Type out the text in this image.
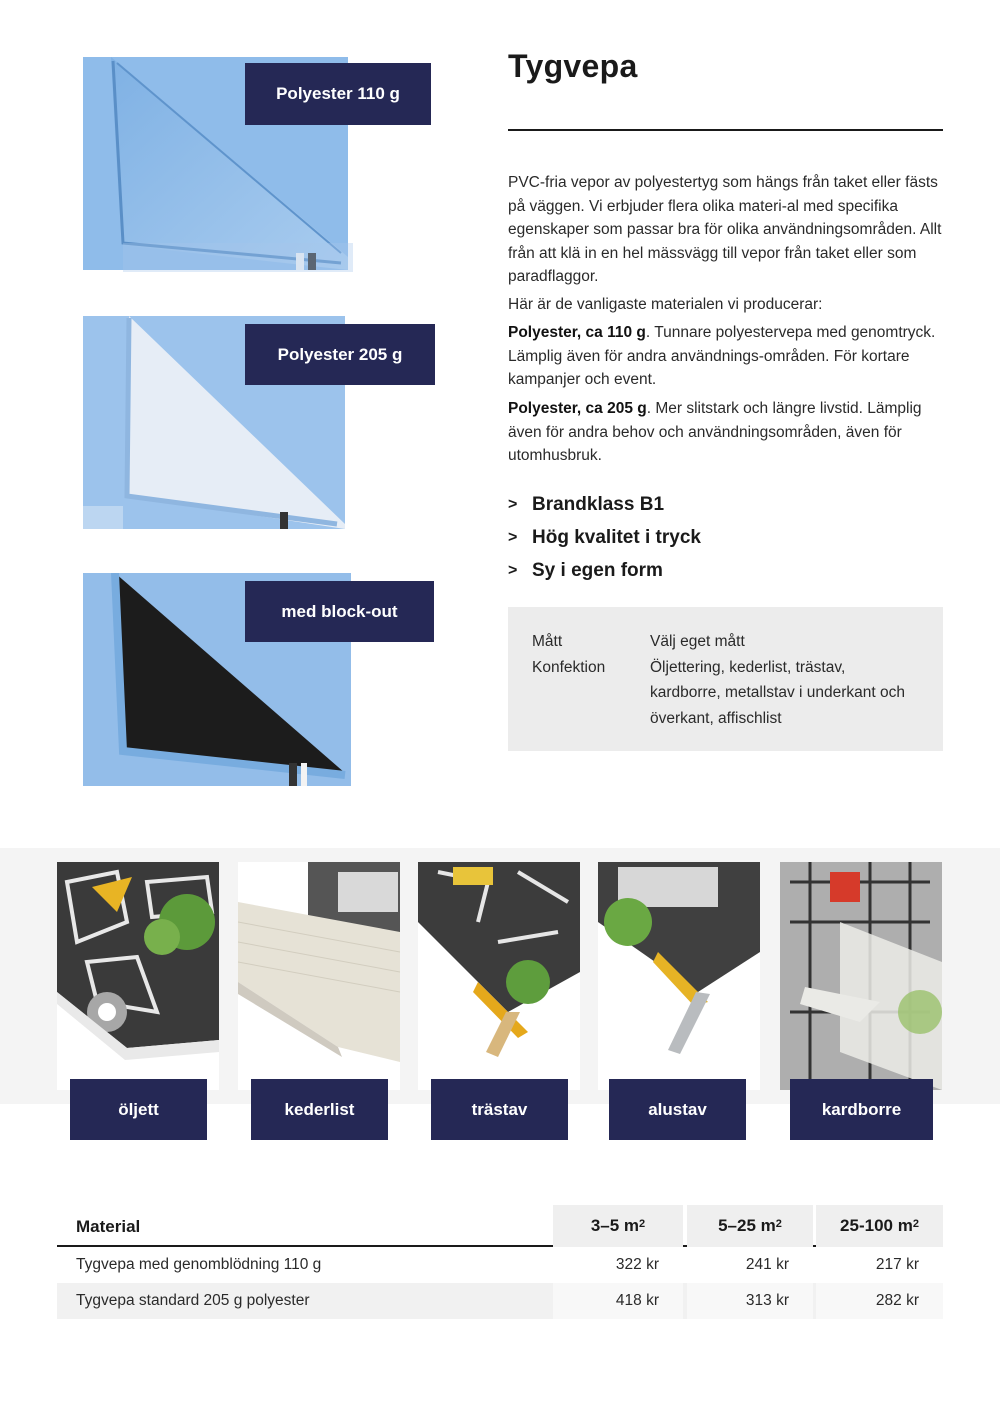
Polyester 110 g
Polyester 205 g
med block-out
Tygvepa

PVC-fria vepor av polyestertyg som hängs från taket eller fästs på väggen. Vi erbjuder flera olika materi-al med specifika egenskaper som passar bra för olika användningsområden. Allt från att klä in en hel mässvägg till vepor från taket eller som paradflaggor.

Här är de vanligaste materialen vi producerar:

Polyester, ca 110 g. Tunnare polyestervepa med genomtryck. Lämplig även för andra användnings-områden. För kortare kampanjer och event.

Polyester, ca 205 g. Mer slitstark och längre livstid. Lämplig även för andra behov och användningsområden, även för utomhusbruk.

> Brandklass B1
> Hög kvalitet i tryck
> Sy i egen form
Mått	Välj eget mått
Konfektion	Öljettering, kederlist, trästav, kardborre, metallstav i underkant och överkant, affischlist
öljett	kederlist	trästav	alustav	kardborre
Material	3–5 $m^2$	5–25 $m^2$	25-100 $m^2$
Tygvepa med genomblödning 110 g	322 kr	241 kr	217 kr
Tygvepa standard 205 g polyester	418 kr	313 kr	282 kr
